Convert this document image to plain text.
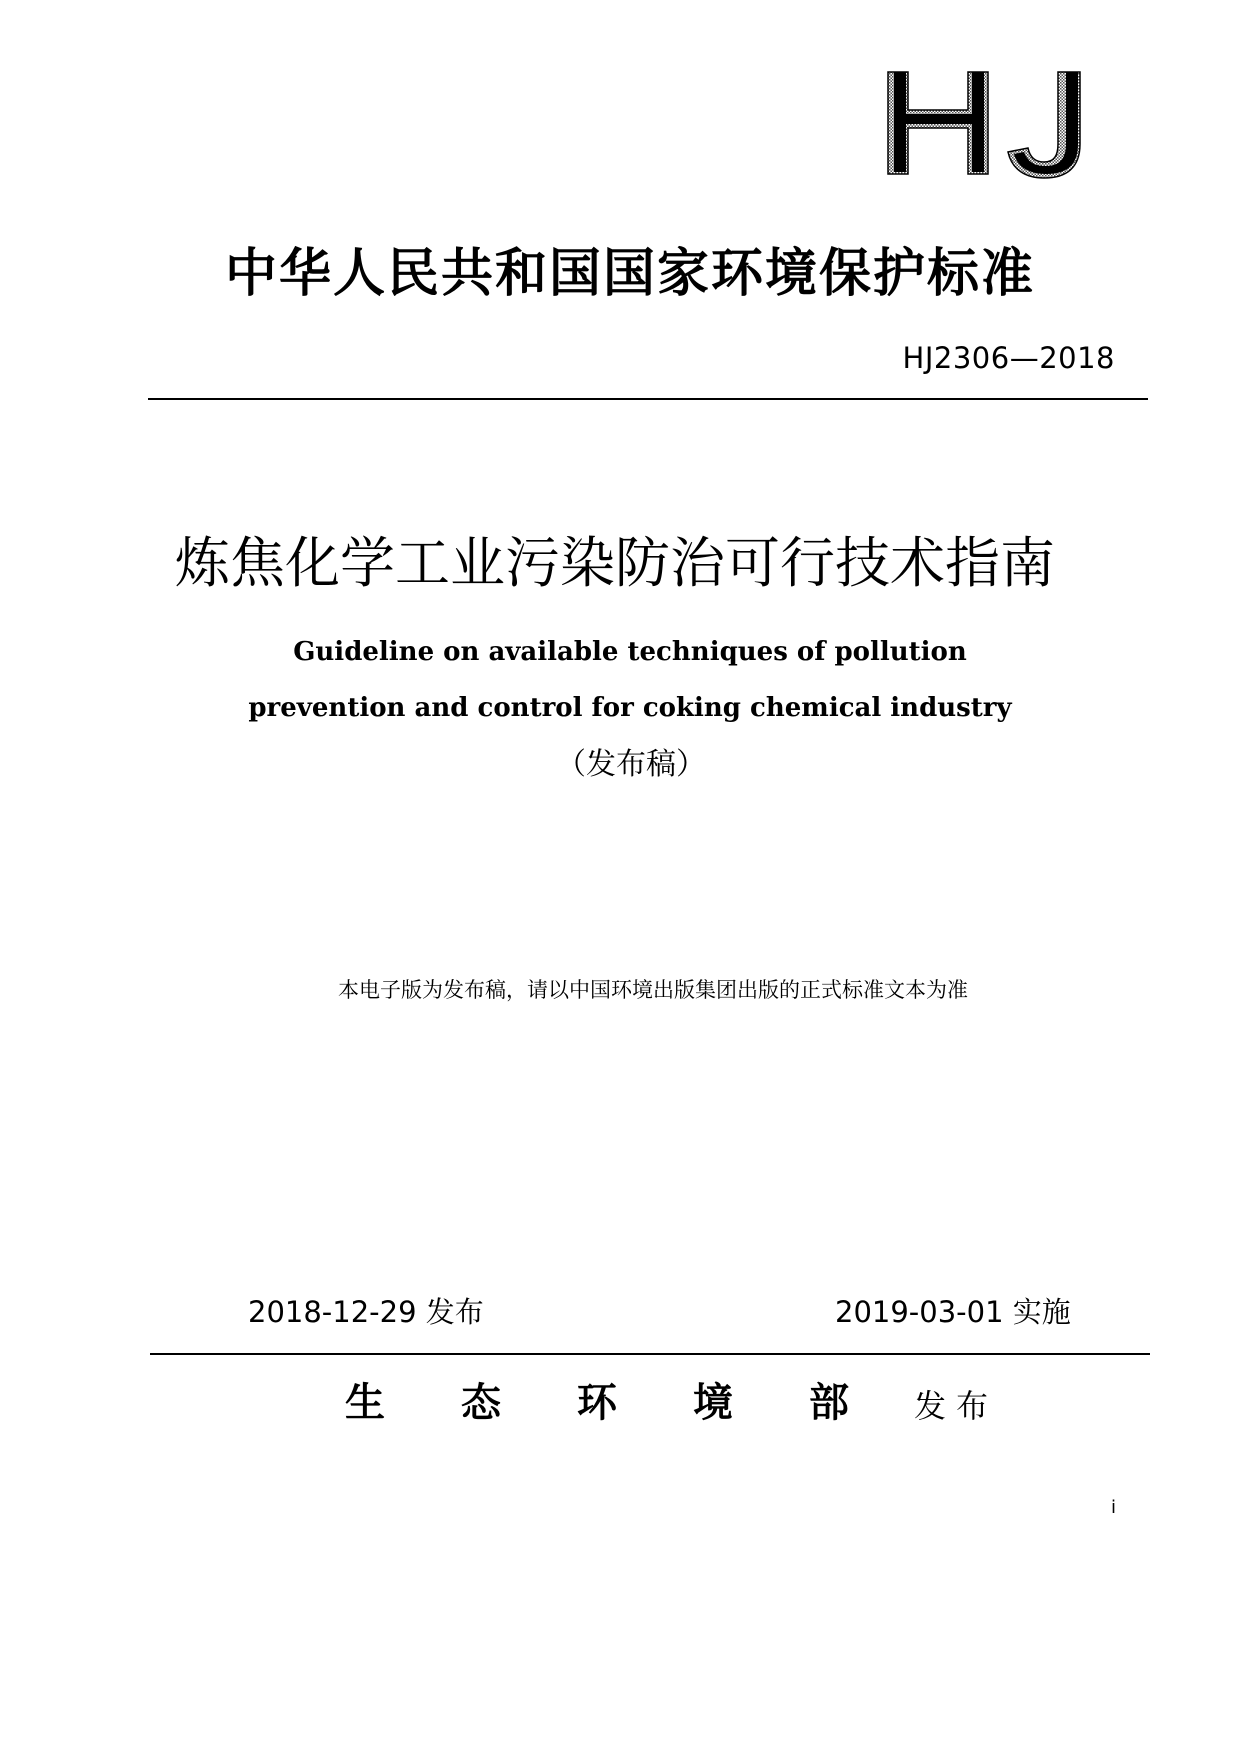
中华人民共和国国家环境保护标准
HJ2306—2018
炼焦化学工业污染防治可行技术指南
Guideline on available techniques of pollution
prevention and control for coking chemical industry
（发布稿）
本电子版为发布稿，请以中国环境出版集团出版的正式标准文本为准
2018-12-29 发布	2019-03-01 实施
生 态 环 境 部 发布
i
